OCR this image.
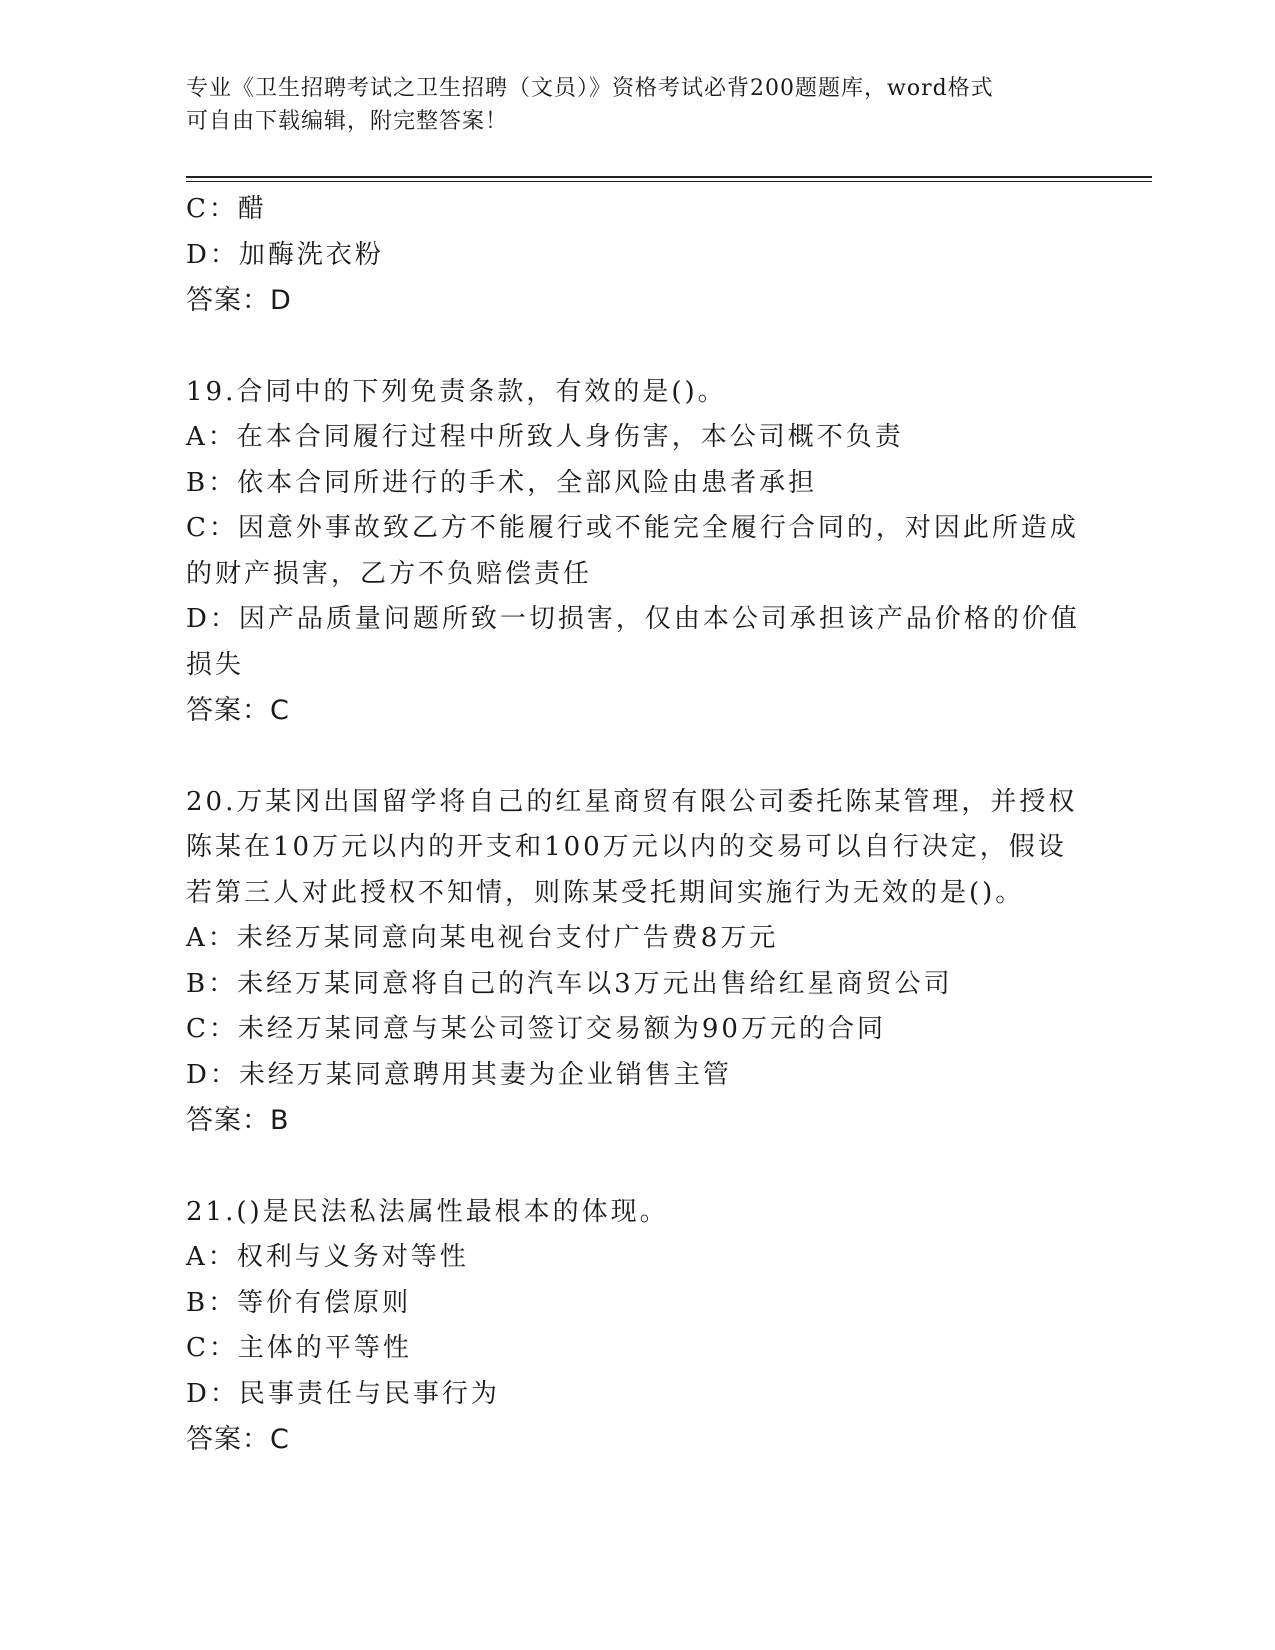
专业《卫生招聘考试之卫生招聘（文员）》资格考试必背200题题库，word格式
可自由下载编辑，附完整答案！
C：醋
D：加酶洗衣粉
答案：D
19.合同中的下列免责条款，有效的是()。
A：在本合同履行过程中所致人身伤害，本公司概不负责
B：依本合同所进行的手术，全部风险由患者承担
C：因意外事故致乙方不能履行或不能完全履行合同的，对因此所造成
的财产损害，乙方不负赔偿责任
D：因产品质量问题所致一切损害，仅由本公司承担该产品价格的价值
损失
答案：C
20.万某冈出国留学将自己的红星商贸有限公司委托陈某管理，并授权
陈某在10万元以内的开支和100万元以内的交易可以自行决定，假设
若第三人对此授权不知情，则陈某受托期间实施行为无效的是()。
A：未经万某同意向某电视台支付广告费8万元
B：未经万某同意将自己的汽车以3万元出售给红星商贸公司
C：未经万某同意与某公司签订交易额为90万元的合同
D：未经万某同意聘用其妻为企业销售主管
答案：B
21.()是民法私法属性最根本的体现。
A：权利与义务对等性
B：等价有偿原则
C：主体的平等性
D：民事责任与民事行为
答案：C
